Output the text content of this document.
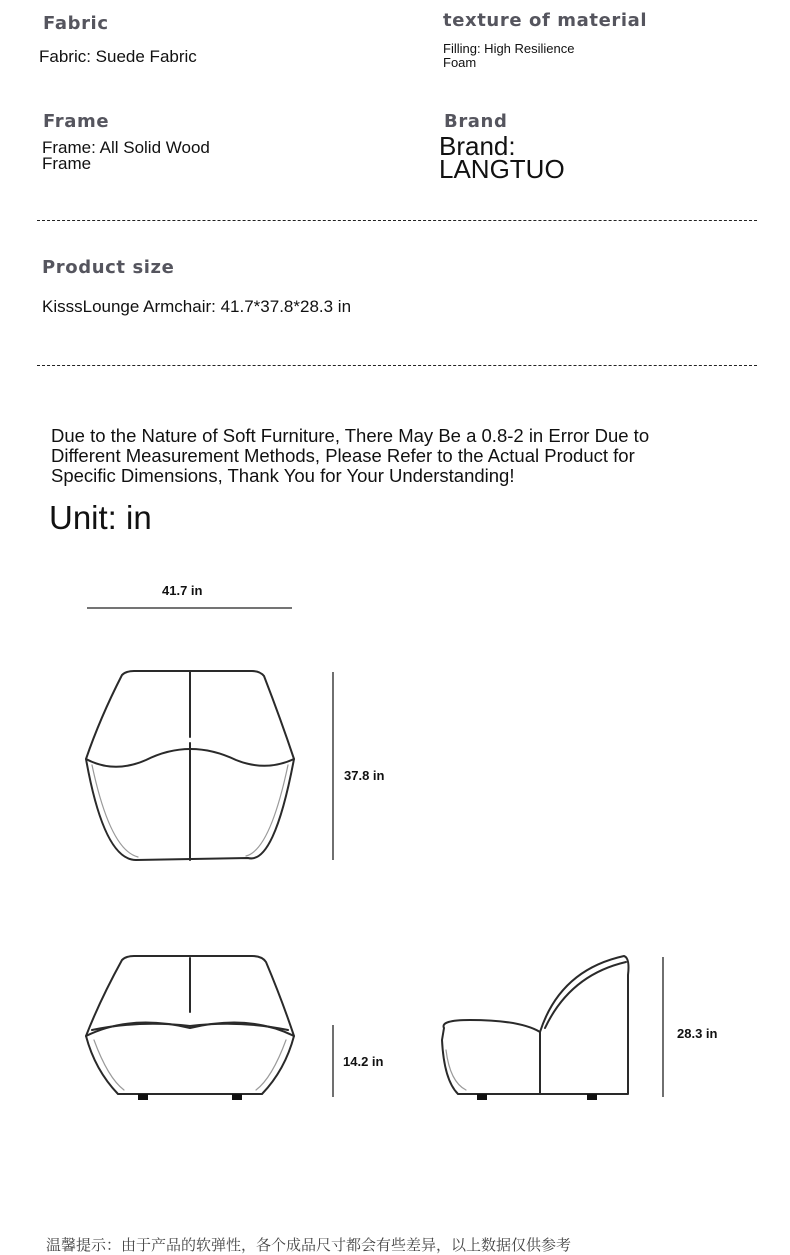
Fabric
Fabric: Suede Fabric
texture of material
Filling: High Resilience
Foam
Frame
Frame: All Solid Wood
Frame
Brand
Brand:
LANGTUO
Product size
KisssLounge Armchair: 41.7*37.8*28.3 in
Due to the Nature of Soft Furniture, There May Be a 0.8-2 in Error Due to
Different Measurement Methods, Please Refer to the Actual Product for
Specific Dimensions, Thank You for Your Understanding!
Unit: in
41.7 in
37.8 in
14.2 in
28.3 in
温馨提示：由于产品的软弹性，各个成品尺寸都会有些差异，以上数据仅供参考
